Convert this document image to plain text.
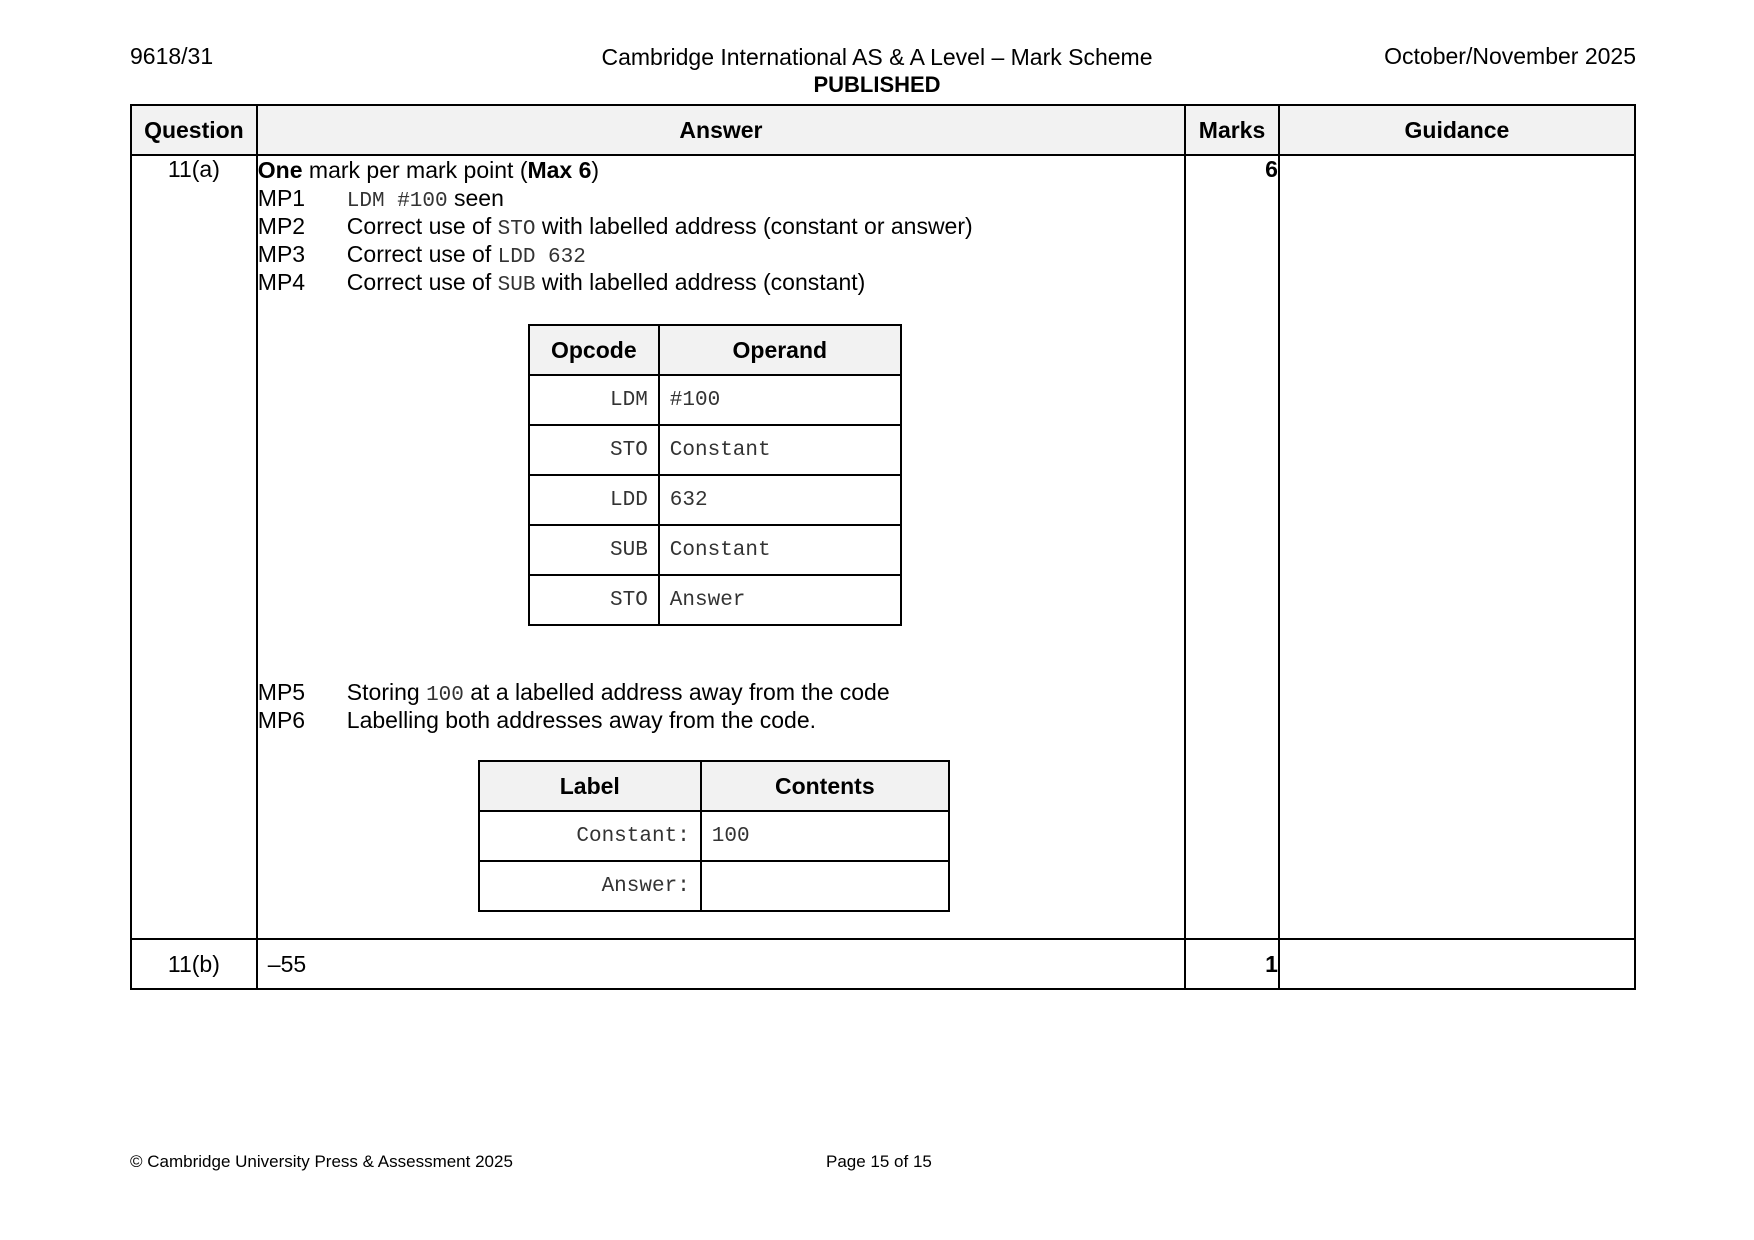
9618/31	Cambridge International AS & A Level – Mark Scheme
PUBLISHED
October/November 2025
Question	Answer	Marks	Guidance
11(a)	One mark per mark point (Max 6)
MP1 LDM #100 seen
MP2 Correct use of STO with labelled address (constant or answer)
MP3 Correct use of LDD 632
MP4 Correct use of SUB with labelled address (constant)
Opcode	Operand
LDM	#100
STO	Constant
LDD	632
SUB	Constant
STO	Answer
MP5 Storing 100 at a labelled address away from the code
MP6 Labelling both addresses away from the code.
Label	Contents
Constant:	100
Answer:	
	6	
11(b)	–55	1	
© Cambridge University Press & Assessment 2025	Page 15 of 15
